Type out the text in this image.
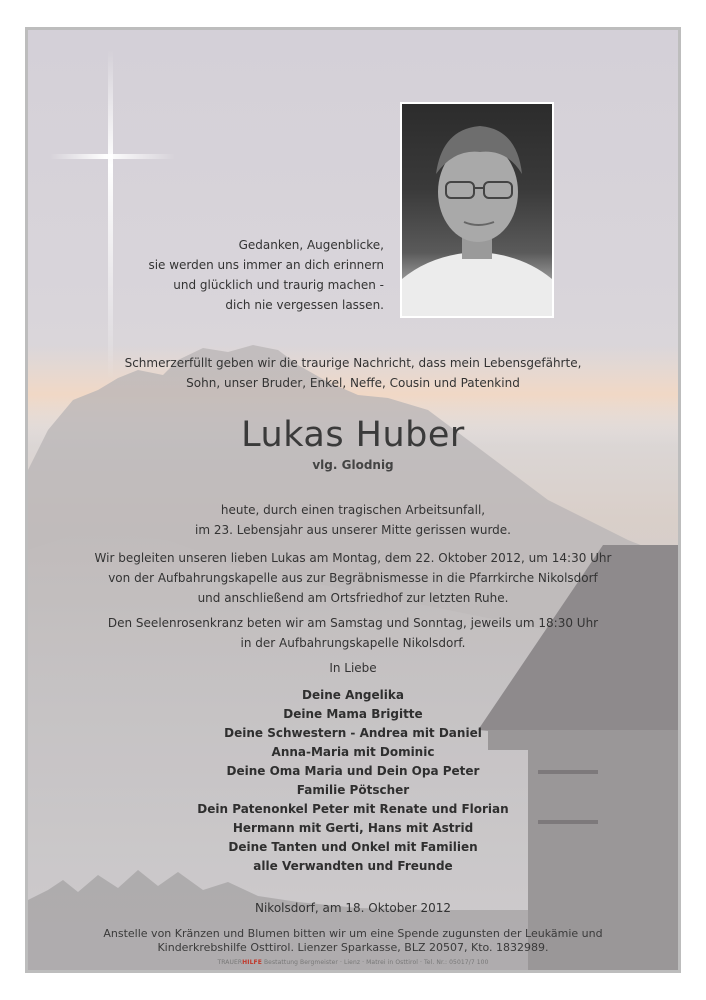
Gedanken, Augenblicke,
sie werden uns immer an dich erinnern
und glücklich und traurig machen -
dich nie vergessen lassen.
Schmerzerfüllt geben wir die traurige Nachricht, dass mein Lebensgefährte,
Sohn, unser Bruder, Enkel, Neffe, Cousin und Patenkind
Lukas Huber
vlg. Glodnig
heute, durch einen tragischen Arbeitsunfall,
im 23. Lebensjahr aus unserer Mitte gerissen wurde.
Wir begleiten unseren lieben Lukas am Montag, dem 22. Oktober 2012, um 14:30 Uhr
von der Aufbahrungskapelle aus zur Begräbnismesse in die Pfarrkirche Nikolsdorf
und anschließend am Ortsfriedhof zur letzten Ruhe.
Den Seelenrosenkranz beten wir am Samstag und Sonntag, jeweils um 18:30 Uhr
in der Aufbahrungskapelle Nikolsdorf.
In Liebe
Deine Angelika
Deine Mama Brigitte
Deine Schwestern - Andrea mit Daniel
Anna-Maria mit Dominic
Deine Oma Maria und Dein Opa Peter
Familie Pötscher
Dein Patenonkel Peter mit Renate und Florian
Hermann mit Gerti, Hans mit Astrid
Deine Tanten und Onkel mit Familien
alle Verwandten und Freunde
Nikolsdorf, am 18. Oktober 2012
Anstelle von Kränzen und Blumen bitten wir um eine Spende zugunsten der Leukämie und
Kinderkrebshilfe Osttirol. Lienzer Sparkasse, BLZ 20507, Kto. 1832989.
TRAUERHILFE Bestattung Bergmeister · Lienz · Matrei in Osttirol · Tel. Nr.: 05017/7 100
